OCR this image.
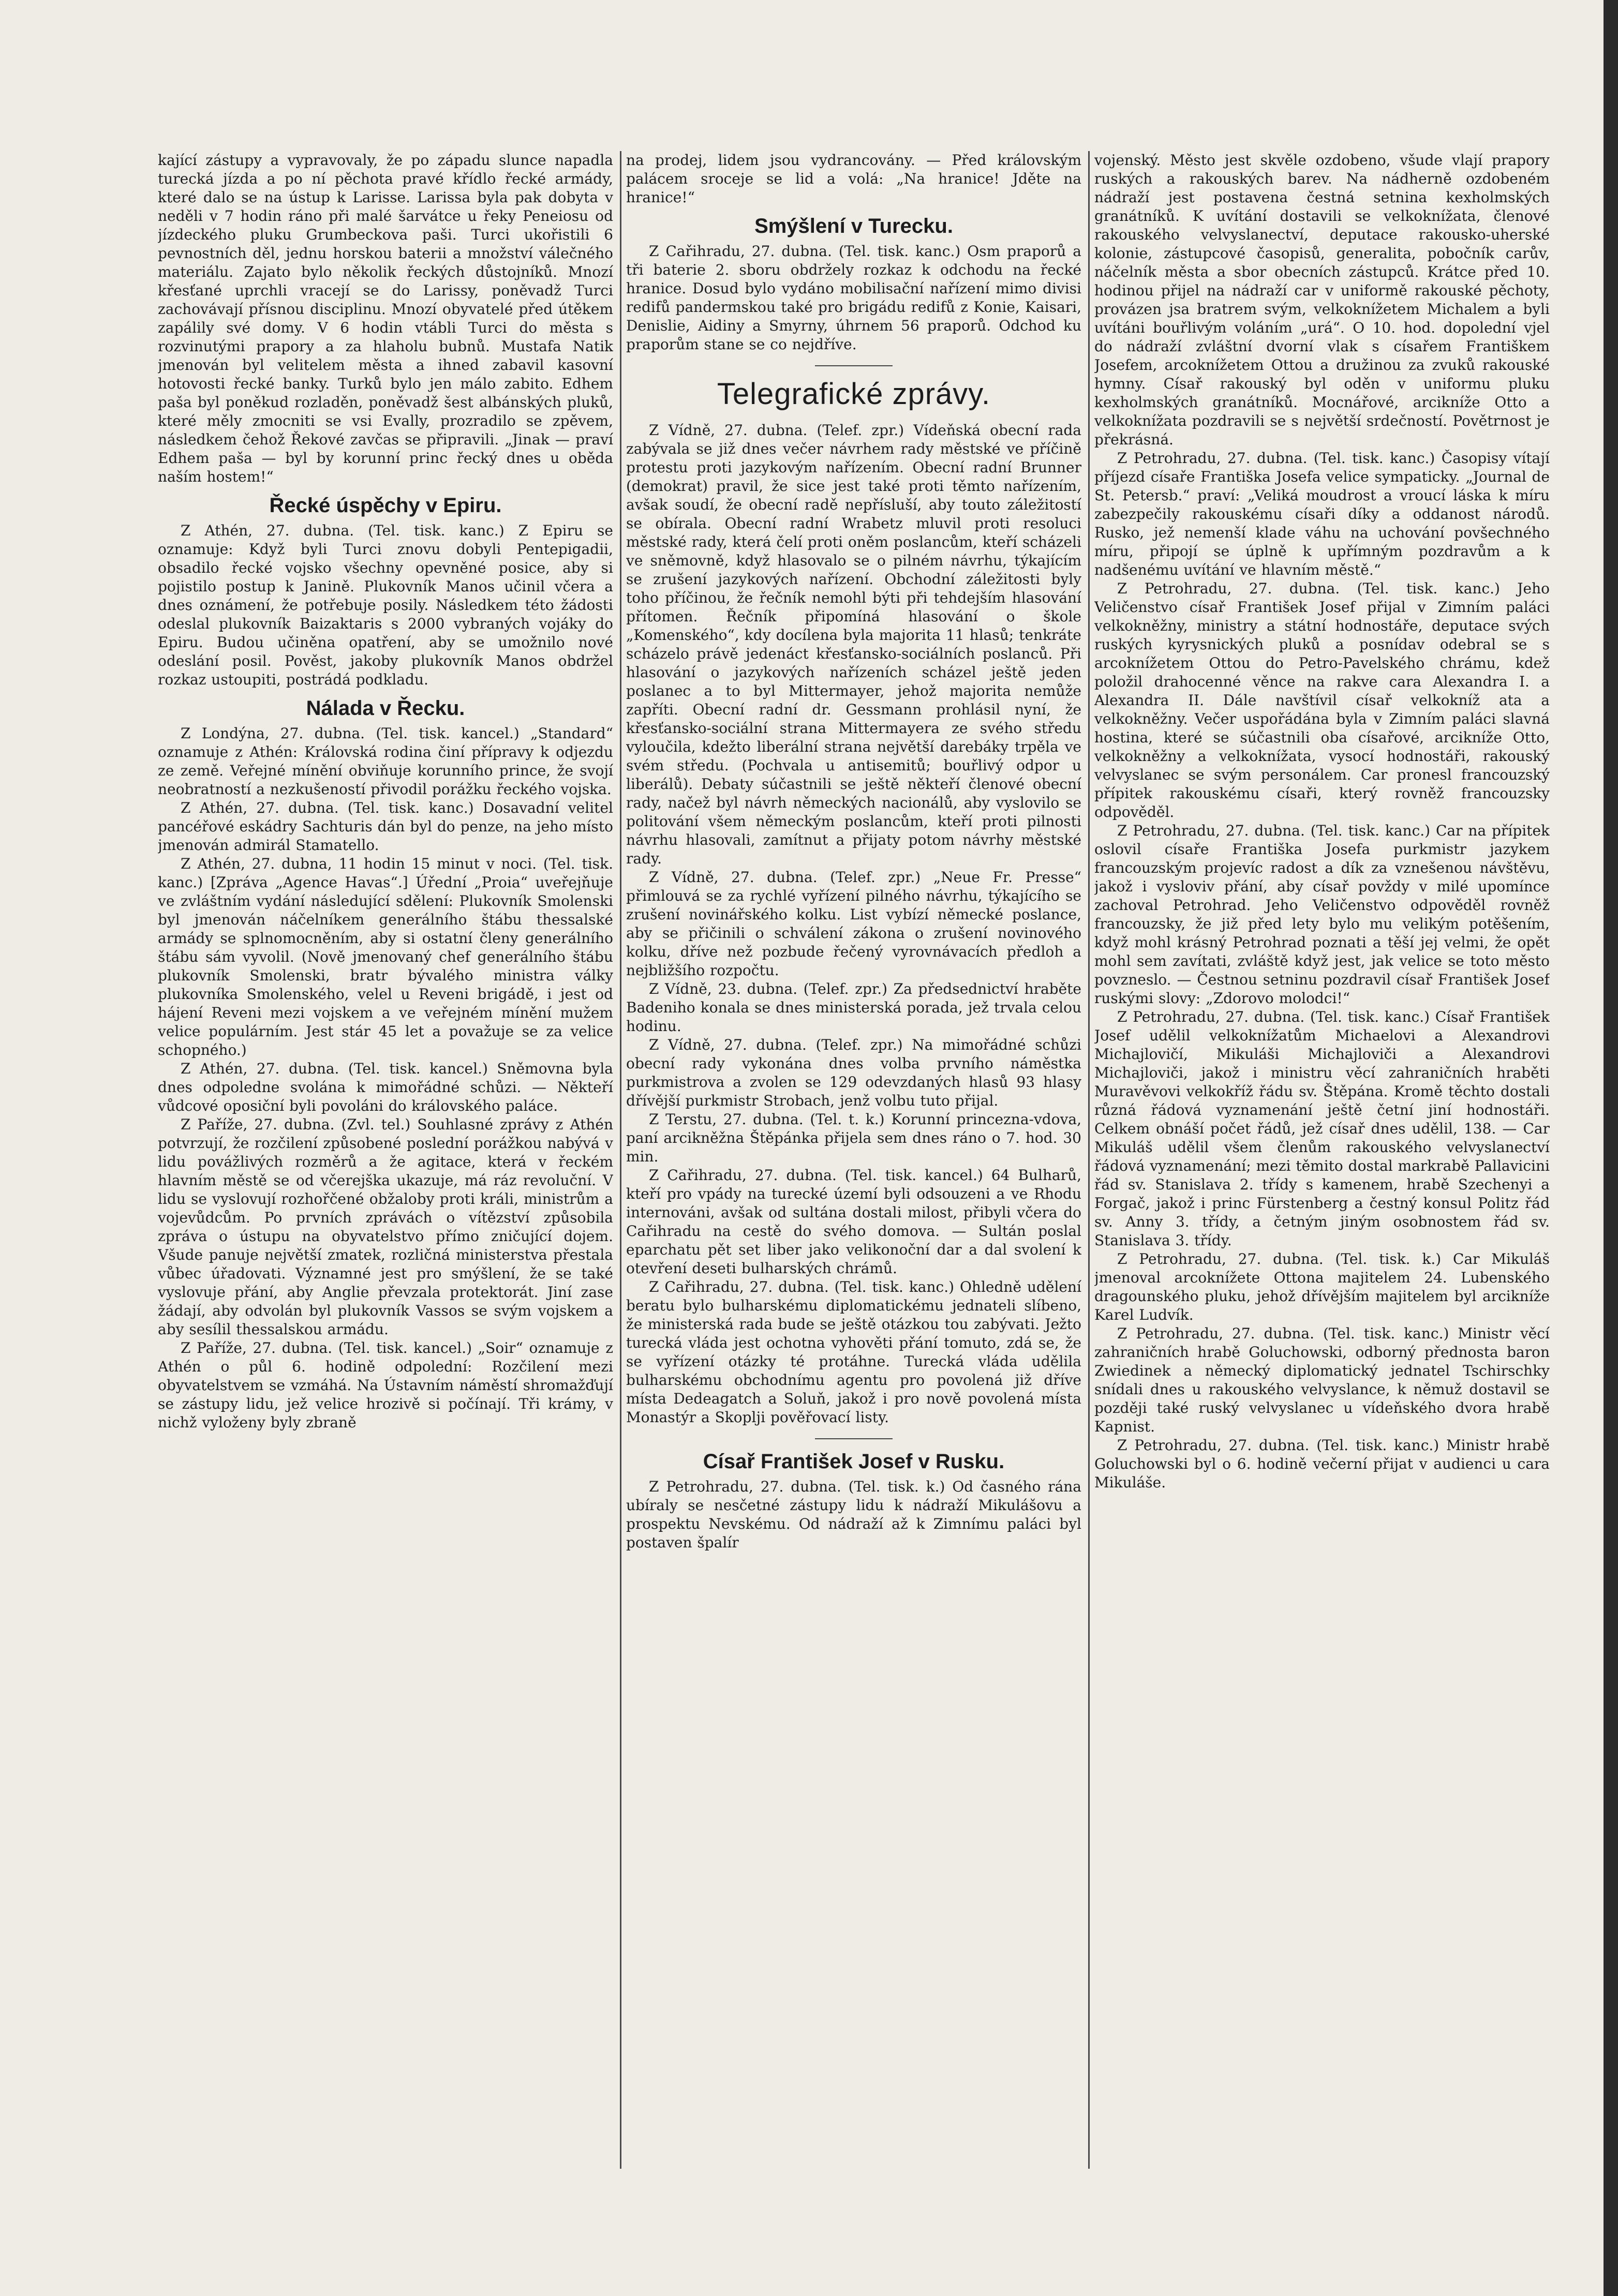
kající zástupy a vypravovaly, že po západu slunce napadla turecká jízda a po ní pěchota pravé křídlo řecké armády, které dalo se na ústup k Larisse. Larissa byla pak dobyta v neděli v 7 hodin ráno při malé šarvátce u řeky Peneiosu od jízdeckého pluku Grumbeckova paši. Turci ukořistili 6 pevnostních děl, jednu horskou baterii a množství válečného materiálu. Zajato bylo několik řeckých důstojníků. Mnozí křesťané uprchli vracejí se do Larissy, poněvadž Turci zachovávají přísnou disciplinu. Mnozí obyvatelé před útěkem zapálily své domy. V 6 hodin vtábli Turci do města s rozvinutými prapory a za hlaholu bubnů. Mustafa Natik jmenován byl velitelem města a ihned zabavil kasovní hotovosti řecké banky. Turků bylo jen málo zabito. Edhem paša byl poněkud rozladěn, poněvadž šest albánských pluků, které měly zmocniti se vsi Evally, prozradilo se zpěvem, následkem čehož Řekové zavčas se připravili. „Jinak — praví Edhem paša — byl by korunní princ řecký dnes u oběda naším hostem!“

Řecké úspěchy v Epiru.

Z Athén, 27. dubna. (Tel. tisk. kanc.) Z Epiru se oznamuje: Když byli Turci znovu dobyli Pentepigadii, obsadilo řecké vojsko všechny opevněné posice, aby si pojistilo postup k Janině. Plukovník Manos učinil včera a dnes oznámení, že potřebuje posily. Následkem této žádosti odeslal plukovník Baizaktaris s 2000 vybraných vojáky do Epiru. Budou učiněna opatření, aby se umožnilo nové odeslání posil. Pověst, jakoby plukovník Manos obdržel rozkaz ustoupiti, postrádá podkladu.

Nálada v Řecku.

Z Londýna, 27. dubna. (Tel. tisk. kancel.) „Standard“ oznamuje z Athén: Královská rodina činí přípravy k odjezdu ze země. Veřejné mínění obviňuje korunního prince, že svojí neobratností a nezkušeností přivodil porážku řeckého vojska.

Z Athén, 27. dubna. (Tel. tisk. kanc.) Dosavadní velitel pancéřové eskádry Sachturis dán byl do penze, na jeho místo jmenován admirál Stamatello.

Z Athén, 27. dubna, 11 hodin 15 minut v noci. (Tel. tisk. kanc.) [Zpráva „Agence Havas“.] Úřední „Proia“ uveřejňuje ve zvláštním vydání následující sdělení: Plukovník Smolenski byl jmenován náčelníkem generálního štábu thessalské armády se splnomocněním, aby si ostatní členy generálního štábu sám vyvolil. (Nově jmenovaný chef generálního štábu plukovník Smolenski, bratr bývalého ministra války plukovníka Smolenského, velel u Reveni brigádě, i jest od hájení Reveni mezi vojskem a ve veřejném mínění mužem velice populárním. Jest stár 45 let a považuje se za velice schopného.)

Z Athén, 27. dubna. (Tel. tisk. kancel.) Sněmovna byla dnes odpoledne svolána k mimořádné schůzi. — Někteří vůdcové oposiční byli povoláni do královského paláce.

Z Paříže, 27. dubna. (Zvl. tel.) Souhlasné zprávy z Athén potvrzují, že rozčilení způsobené poslední porážkou nabývá v lidu povážlivých rozměrů a že agitace, která v řeckém hlavním městě se od včerejška ukazuje, má ráz revoluční. V lidu se vyslovují rozhořčené obžaloby proti králi, ministrům a vojevůdcům. Po prvních zprávách o vítězství způsobila zpráva o ústupu na obyvatelstvo přímo zničující dojem. Všude panuje největší zmatek, rozličná ministerstva přestala vůbec úřadovati. Významné jest pro smýšlení, že se také vyslovuje přání, aby Anglie převzala protektorát. Jiní zase žádají, aby odvolán byl plukovník Vassos se svým vojskem a aby sesílil thessalskou armádu.

Z Paříže, 27. dubna. (Tel. tisk. kancel.) „Soir“ oznamuje z Athén o půl 6. hodině odpolední: Rozčilení mezi obyvatelstvem se vzmáhá. Na Ústavním náměstí shromažďují se zástupy lidu, jež velice hrozivě si počínají. Tři krámy, v nichž vyloženy byly zbraně

na prodej, lidem jsou vydrancovány. — Před královským palácem sroceje se lid a volá: „Na hranice! Jděte na hranice!“

Smýšlení v Turecku.

Z Cařihradu, 27. dubna. (Tel. tisk. kanc.) Osm praporů a tři baterie 2. sboru obdržely rozkaz k odchodu na řecké hranice. Dosud bylo vydáno mobilisační nařízení mimo divisi redifů pandermskou také pro brigádu redifů z Konie, Kaisari, Denislie, Aidiny a Smyrny, úhrnem 56 praporů. Odchod ku praporům stane se co nejdříve.

Telegrafické zprávy.

Z Vídně, 27. dubna. (Telef. zpr.) Vídeňská obecní rada zabývala se již dnes večer návrhem rady městské ve příčině protestu proti jazykovým nařízením. Obecní radní Brunner (demokrat) pravil, že sice jest také proti těmto nařízením, avšak soudí, že obecní radě nepřísluší, aby touto záležitostí se obírala. Obecní radní Wrabetz mluvil proti resoluci městské rady, která čelí proti oněm poslancům, kteří scházeli ve sněmovně, když hlasovalo se o pilném návrhu, týkajícím se zrušení jazykových nařízení. Obchodní záležitosti byly toho příčinou, že řečník nemohl býti při tehdejším hlasování přítomen. Řečník připomíná hlasování o škole „Komenského“, kdy docílena byla majorita 11 hlasů; tenkráte scházelo právě jedenáct křesťansko-sociálních poslanců. Při hlasování o jazykových nařízeních scházel ještě jeden poslanec a to byl Mittermayer, jehož majorita nemůže zapříti. Obecní radní dr. Gessmann prohlásil nyní, že křesťansko-sociální strana Mittermayera ze svého středu vyloučila, kdežto liberální strana největší darebáky trpěla ve svém středu. (Pochvala u antisemitů; bouřlivý odpor u liberálů). Debaty súčastnili se ještě někteří členové obecní rady, načež byl návrh německých nacionálů, aby vyslovilo se politování všem německým poslancům, kteří proti pilnosti návrhu hlasovali, zamítnut a přijaty potom návrhy městské rady.

Z Vídně, 27. dubna. (Telef. zpr.) „Neue Fr. Presse“ přimlouvá se za rychlé vyřízení pilného návrhu, týkajícího se zrušení novinářského kolku. List vybízí německé poslance, aby se přičinili o schválení zákona o zrušení novinového kolku, dříve než pozbude řečený vyrovnávacích předloh a nejbližšího rozpočtu.

Z Vídně, 23. dubna. (Telef. zpr.) Za předsednictví hraběte Badeniho konala se dnes ministerská porada, jež trvala celou hodinu.

Z Vídně, 27. dubna. (Telef. zpr.) Na mimořádné schůzi obecní rady vykonána dnes volba prvního náměstka purkmistrova a zvolen se 129 odevzdaných hlasů 93 hlasy dřívější purkmistr Strobach, jenž volbu tuto přijal.

Z Terstu, 27. dubna. (Tel. t. k.) Korunní princezna-vdova, paní arcikněžna Štěpánka přijela sem dnes ráno o 7. hod. 30 min.

Z Cařihradu, 27. dubna. (Tel. tisk. kancel.) 64 Bulharů, kteří pro vpády na turecké území byli odsouzeni a ve Rhodu internováni, avšak od sultána dostali milost, přibyli včera do Cařihradu na cestě do svého domova. — Sultán poslal eparchatu pět set liber jako velikonoční dar a dal svolení k otevření deseti bulharských chrámů.

Z Cařihradu, 27. dubna. (Tel. tisk. kanc.) Ohledně udělení beratu bylo bulharskému diplomatickému jednateli slíbeno, že ministerská rada bude se ještě otázkou tou zabývati. Ježto turecká vláda jest ochotna vyhověti přání tomuto, zdá se, že se vyřízení otázky té protáhne. Turecká vláda udělila bulharskému obchodnímu agentu pro povolená již dříve místa Dedeagatch a Soluň, jakož i pro nově povolená místa Monastýr a Skoplji pověřovací listy.

Císař František Josef v Rusku.

Z Petrohradu, 27. dubna. (Tel. tisk. k.) Od časného rána ubíraly se nesčetné zástupy lidu k nádraží Mikulášovu a prospektu Nevskému. Od nádraží až k Zimnímu paláci byl postaven špalír

vojenský. Město jest skvěle ozdobeno, všude vlají prapory ruských a rakouských barev. Na nádherně ozdobeném nádraží jest postavena čestná setnina kexholmských granátníků. K uvítání dostavili se velkoknížata, členové rakouského velvyslanectví, deputace rakousko-uherské kolonie, zástupcové časopisů, generalita, pobočník carův, náčelník města a sbor obecních zástupců. Krátce před 10. hodinou přijel na nádraží car v uniformě rakouské pěchoty, provázen jsa bratrem svým, velkoknížetem Michalem a byli uvítáni bouřlivým voláním „urá“. O 10. hod. dopolední vjel do nádraží zvláštní dvorní vlak s císařem Františkem Josefem, arcoknížetem Ottou a družinou za zvuků rakouské hymny. Císař rakouský byl oděn v uniformu pluku kexholmských granátníků. Mocnářové, arcikníže Otto a velkoknížata pozdravili se s největší srdečností. Povětrnost je překrásná.

Z Petrohradu, 27. dubna. (Tel. tisk. kanc.) Časopisy vítají příjezd císaře Františka Josefa velice sympaticky. „Journal de St. Petersb.“ praví: „Veliká moudrost a vroucí láska k míru zabezpečily rakouskému císaři díky a oddanost národů. Rusko, jež nemenší klade váhu na uchování povšechného míru, připojí se úplně k upřímným pozdravům a k nadšenému uvítání ve hlavním městě.“

Z Petrohradu, 27. dubna. (Tel. tisk. kanc.) Jeho Veličenstvo císař František Josef přijal v Zimním paláci velkokněžny, ministry a státní hodnostáře, deputace svých ruských kyrysnických pluků a posnídav odebral se s arcoknížetem Ottou do Petro-Pavelského chrámu, kdež položil drahocenné věnce na rakve cara Alexandra I. a Alexandra II. Dále navštívil císař velkokníž ata a velkokněžny. Večer uspořádána byla v Zimním paláci slavná hostina, které se súčastnili oba císařové, arcikníže Otto, velkokněžny a velkoknížata, vysocí hodnostáři, rakouský velvyslanec se svým personálem. Car pronesl francouzský přípitek rakouskému císaři, který rovněž francouzsky odpověděl.

Z Petrohradu, 27. dubna. (Tel. tisk. kanc.) Car na přípitek oslovil císaře Františka Josefa purkmistr jazykem francouzským projevíc radost a dík za vznešenou návštěvu, jakož i vysloviv přání, aby císař povždy v milé upomínce zachoval Petrohrad. Jeho Veličenstvo odpověděl rovněž francouzsky, že již před lety bylo mu velikým potěšením, když mohl krásný Petrohrad poznati a těší jej velmi, že opět mohl sem zavítati, zvláště když jest, jak velice se toto město povzneslo. — Čestnou setninu pozdravil císař František Josef ruskými slovy: „Zdorovo molodci!“

Z Petrohradu, 27. dubna. (Tel. tisk. kanc.) Císař František Josef udělil velkoknížatům Michaelovi a Alexandrovi Michajlovičí, Mikuláši Michajloviči a Alexandrovi Michajloviči, jakož i ministru věcí zahraničních hraběti Muravěvovi velkokříž řádu sv. Štěpána. Kromě těchto dostali různá řádová vyznamenání ještě četní jiní hodnostáři. Celkem obnáší počet řádů, jež císař dnes udělil, 138. — Car Mikuláš udělil všem členům rakouského velvyslanectví řádová vyznamenání; mezi těmito dostal markrabě Pallavicini řád sv. Stanislava 2. třídy s kamenem, hrabě Szechenyi a Forgač, jakož i princ Fürstenberg a čestný konsul Politz řád sv. Anny 3. třídy, a četným jiným osobnostem řád sv. Stanislava 3. třídy.

Z Petrohradu, 27. dubna. (Tel. tisk. k.) Car Mikuláš jmenoval arcoknížete Ottona majitelem 24. Lubenského dragounského pluku, jehož dřívějším majitelem byl arcikníže Karel Ludvík.

Z Petrohradu, 27. dubna. (Tel. tisk. kanc.) Ministr věcí zahraničních hrabě Goluchowski, odborný přednosta baron Zwiedinek a německý diplomatický jednatel Tschirschky snídali dnes u rakouského velvyslance, k němuž dostavil se později také ruský velvyslanec u vídeňského dvora hrabě Kapnist.

Z Petrohradu, 27. dubna. (Tel. tisk. kanc.) Ministr hrabě Goluchowski byl o 6. hodině večerní přijat v audienci u cara Mikuláše.
